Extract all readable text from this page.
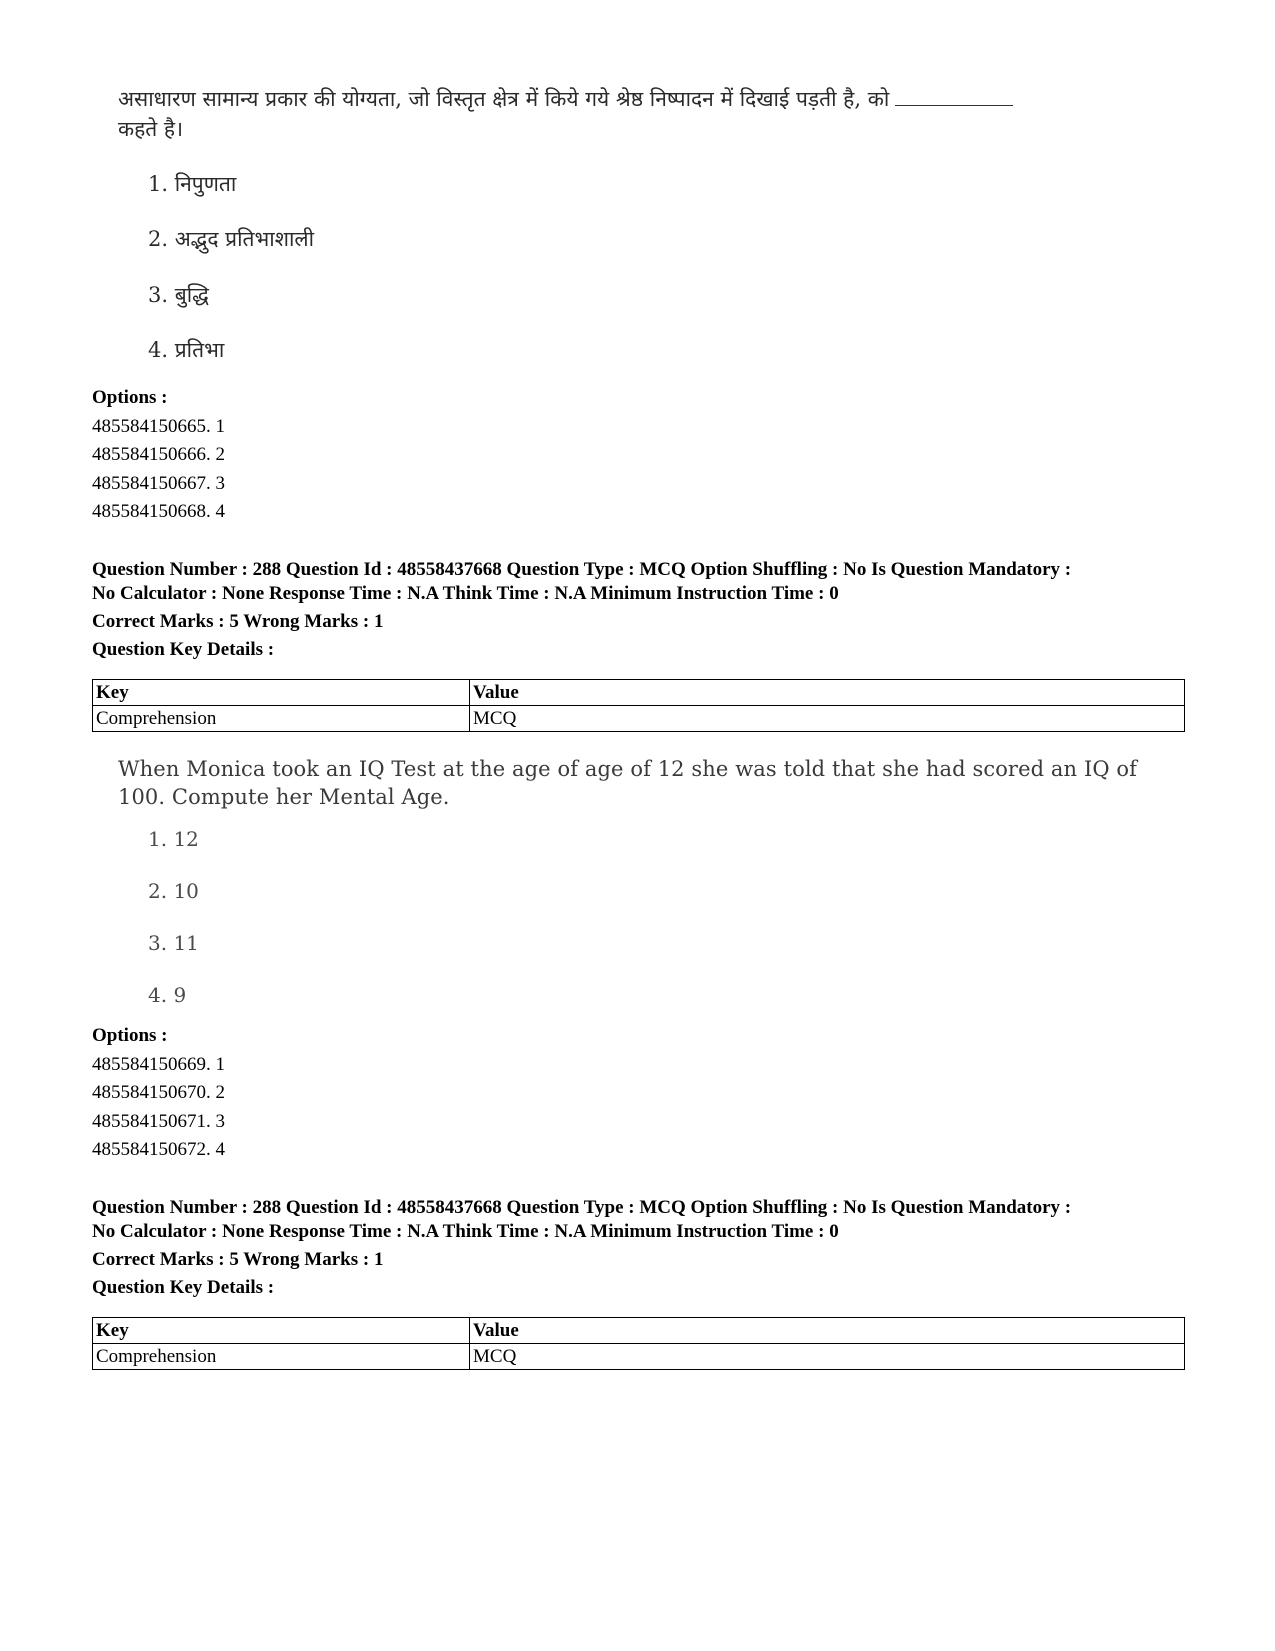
असाधारण सामान्य प्रकार की योग्यता, जो विस्तृत क्षेत्र में किये गये श्रेष्ठ निष्पादन में दिखाई पड़ती है, को
कहते है।
1. निपुणता
2. अद्भुद प्रतिभाशाली
3. बुद्धि
4. प्रतिभा
Options :
485584150665. 1
485584150666. 2
485584150667. 3
485584150668. 4
Question Number : 288 Question Id : 48558437668 Question Type : MCQ Option Shuffling : No Is Question Mandatory :
No Calculator : None Response Time : N.A Think Time : N.A Minimum Instruction Time : 0
Correct Marks : 5 Wrong Marks : 1
Question Key Details :
Key	Value
Comprehension	MCQ
When Monica took an IQ Test at the age of age of 12 she was told that she had scored an IQ of 100. Compute her Mental Age.
1. 12
2. 10
3. 11
4. 9
Options :
485584150669. 1
485584150670. 2
485584150671. 3
485584150672. 4
Question Number : 288 Question Id : 48558437668 Question Type : MCQ Option Shuffling : No Is Question Mandatory :
No Calculator : None Response Time : N.A Think Time : N.A Minimum Instruction Time : 0
Correct Marks : 5 Wrong Marks : 1
Question Key Details :
Key	Value
Comprehension	MCQ
